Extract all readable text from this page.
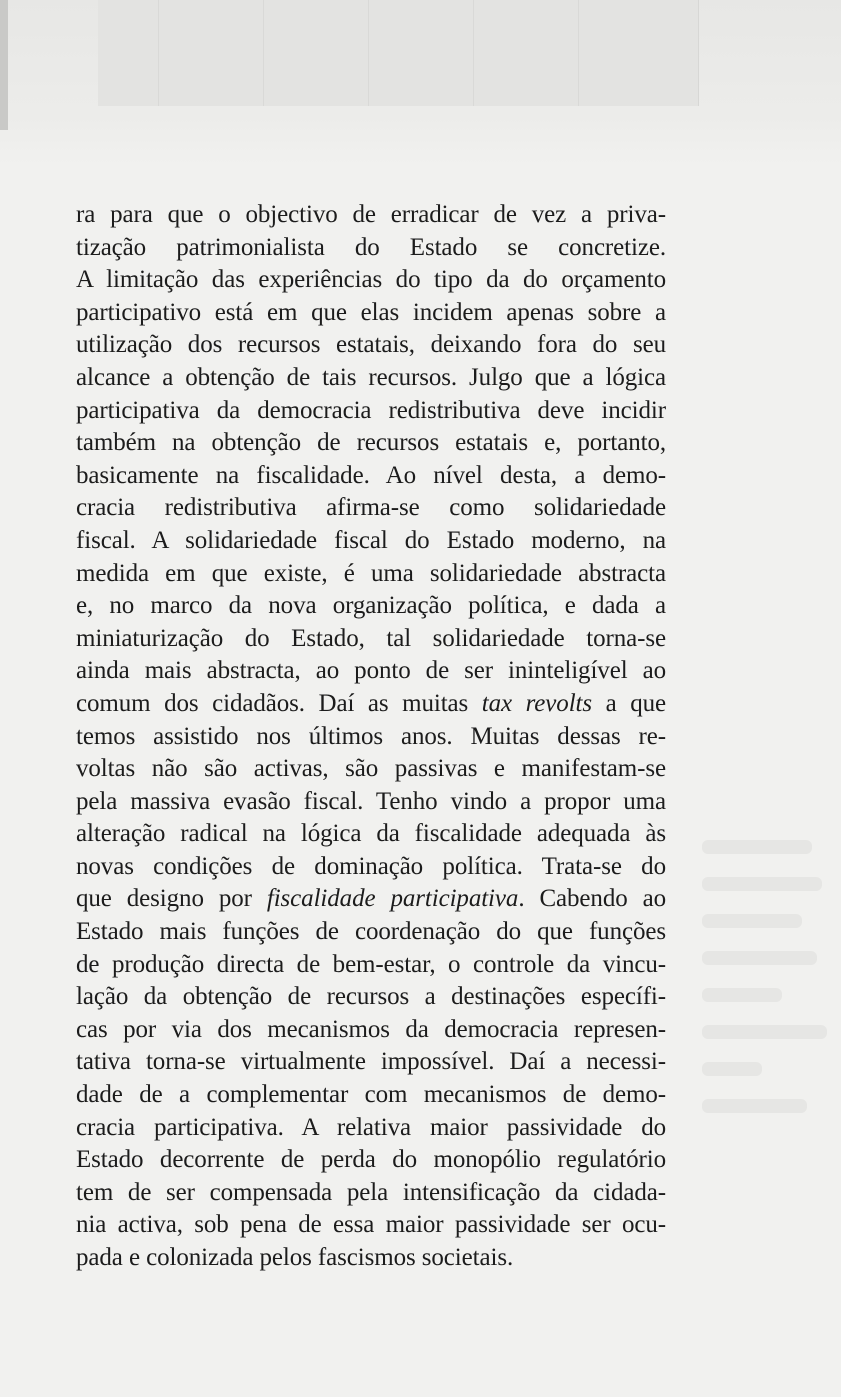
ra para que o objectivo de erradicar de vez a priva-
tização patrimonialista do Estado se concretize.
A limitação das experiências do tipo da do orçamento
participativo está em que elas incidem apenas sobre a
utilização dos recursos estatais, deixando fora do seu
alcance a obtenção de tais recursos. Julgo que a lógica
participativa da democracia redistributiva deve incidir
também na obtenção de recursos estatais e, portanto,
basicamente na fiscalidade. Ao nível desta, a demo-
cracia redistributiva afirma-se como solidariedade
fiscal. A solidariedade fiscal do Estado moderno, na
medida em que existe, é uma solidariedade abstracta
e, no marco da nova organização política, e dada a
miniaturização do Estado, tal solidariedade torna-se
ainda mais abstracta, ao ponto de ser ininteligível ao
comum dos cidadãos. Daí as muitas tax revolts a que
temos assistido nos últimos anos. Muitas dessas re-
voltas não são activas, são passivas e manifestam-se
pela massiva evasão fiscal. Tenho vindo a propor uma
alteração radical na lógica da fiscalidade adequada às
novas condições de dominação política. Trata-se do
que designo por fiscalidade participativa. Cabendo ao
Estado mais funções de coordenação do que funções
de produção directa de bem-estar, o controle da vincu-
lação da obtenção de recursos a destinações específi-
cas por via dos mecanismos da democracia represen-
tativa torna-se virtualmente impossível. Daí a necessi-
dade de a complementar com mecanismos de demo-
cracia participativa. A relativa maior passividade do
Estado decorrente de perda do monopólio regulatório
tem de ser compensada pela intensificação da cidada-
nia activa, sob pena de essa maior passividade ser ocu-
pada e colonizada pelos fascismos societais.
